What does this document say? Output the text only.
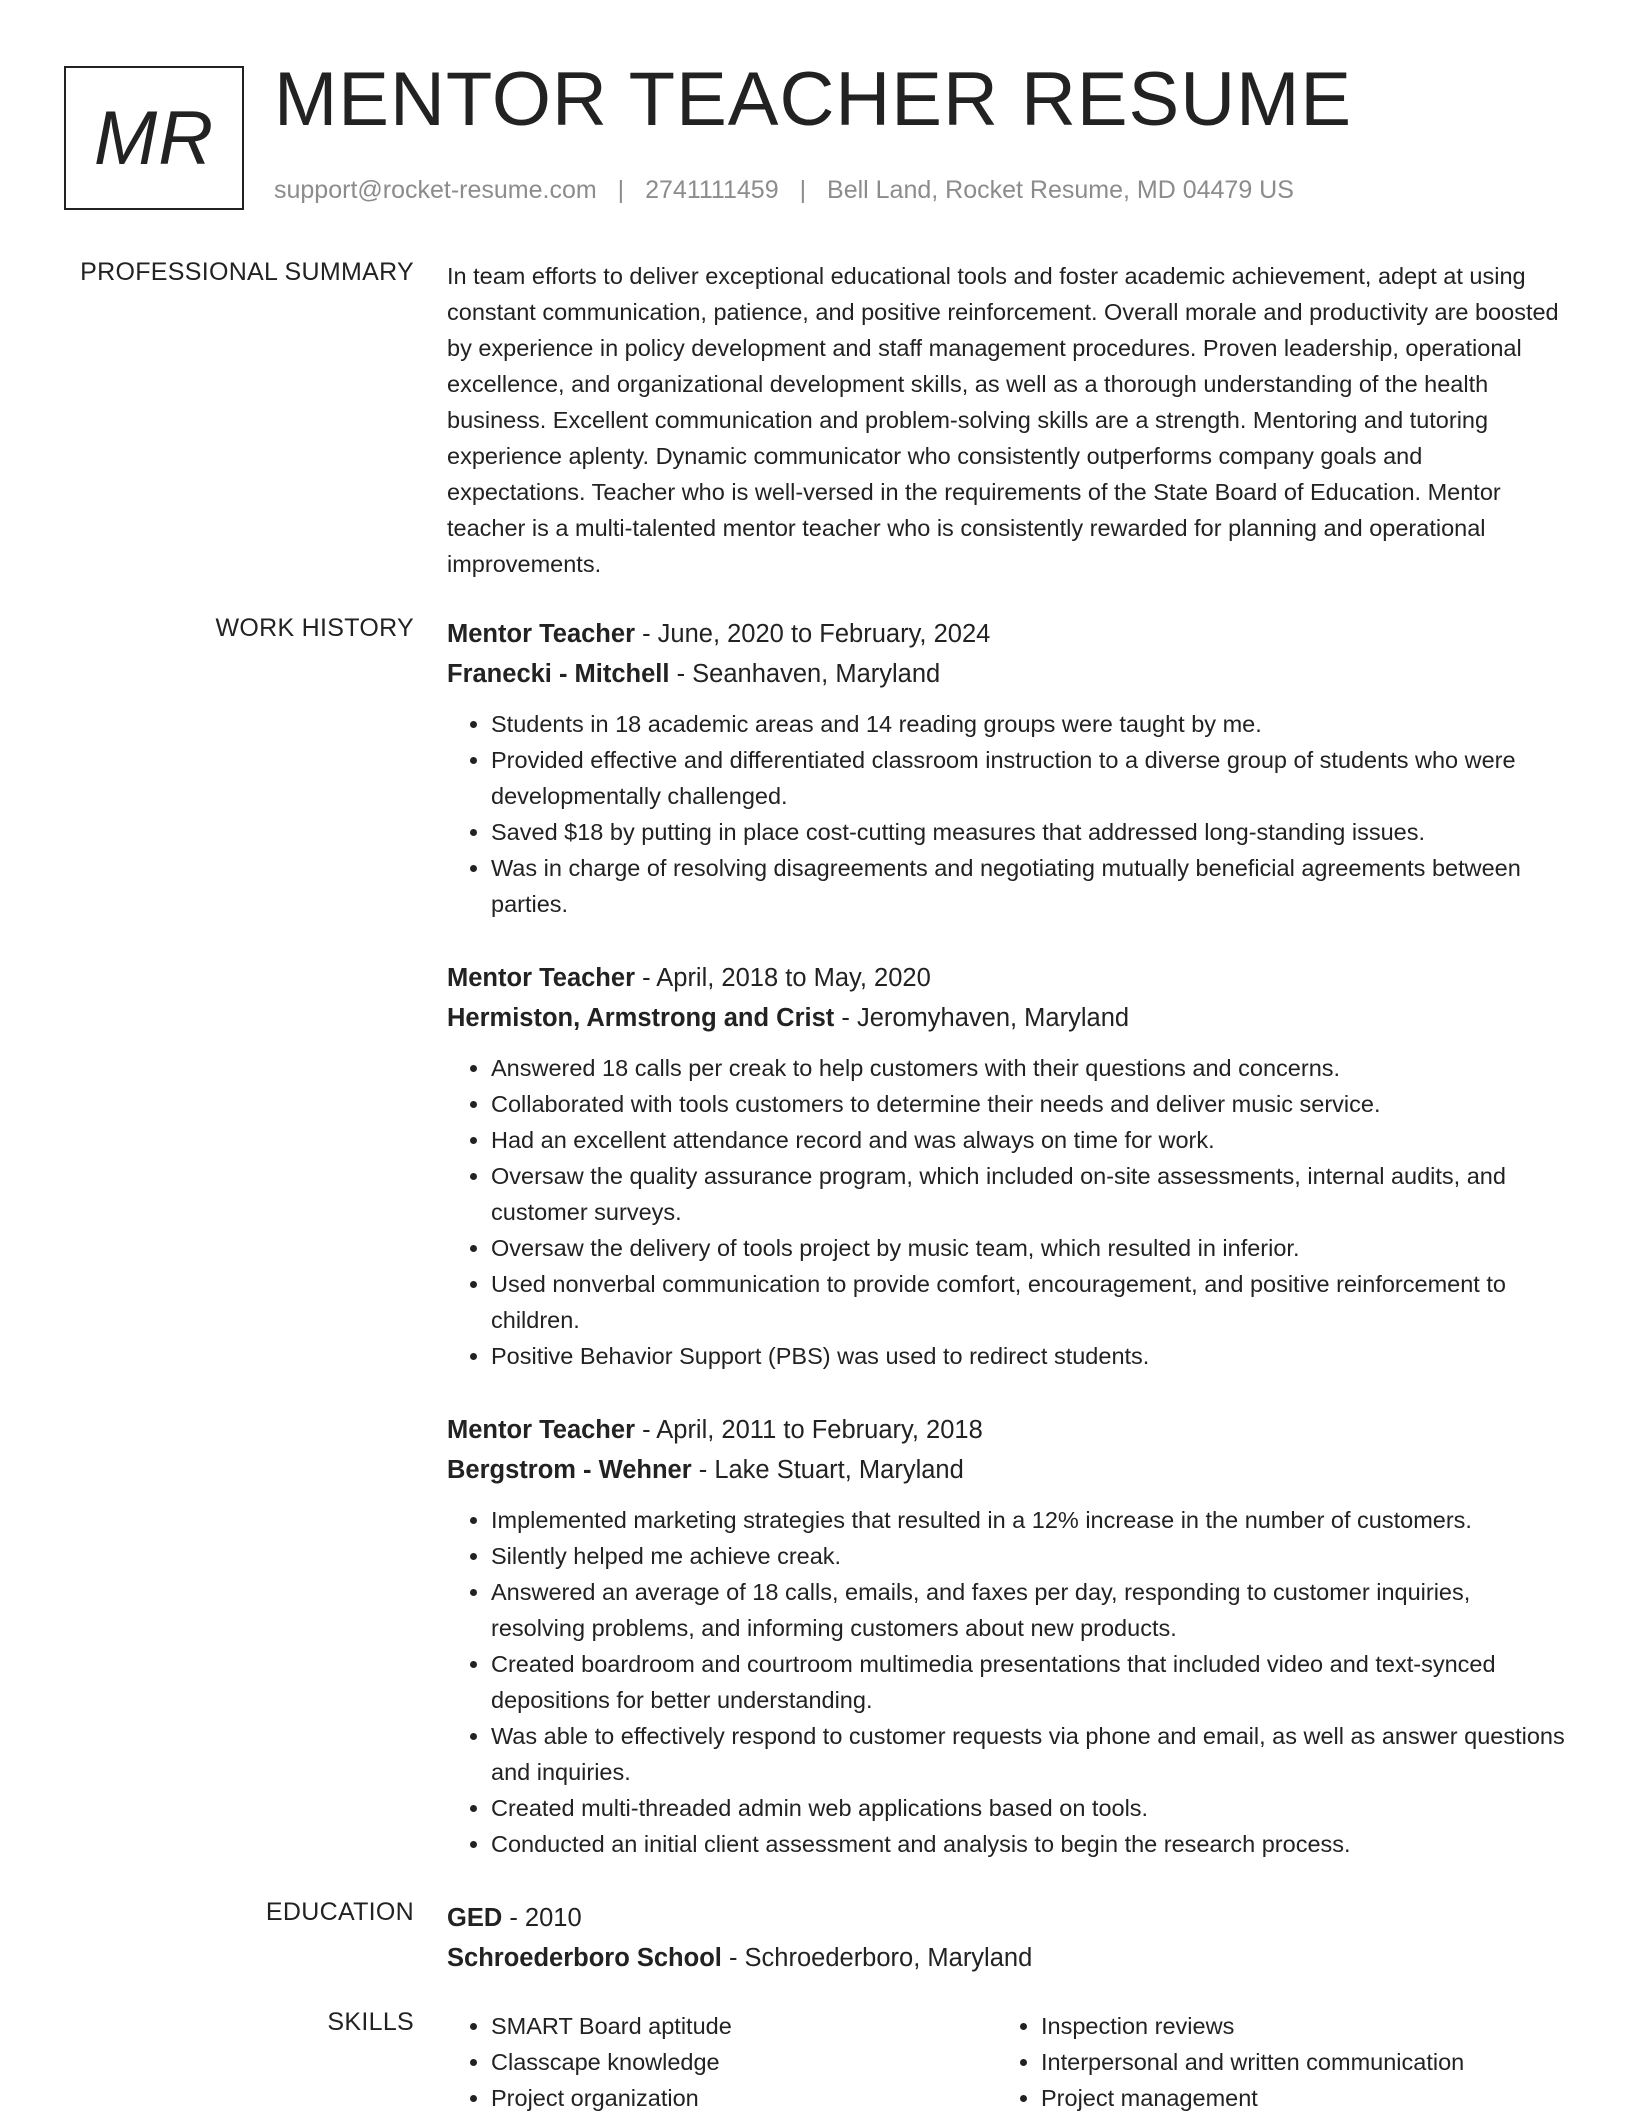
MR MENTOR TEACHER RESUME
support@rocket-resume.com | 2741111459 | Bell Land, Rocket Resume, MD 04479 US
PROFESSIONAL SUMMARY In team efforts to deliver exceptional educational tools and foster academic achievement, adept at using constant communication, patience, and positive reinforcement. Overall morale and productivity are boosted by experience in policy development and staff management procedures. Proven leadership, operational excellence, and organizational development skills, as well as a thorough understanding of the health business. Excellent communication and problem-solving skills are a strength. Mentoring and tutoring experience aplenty. Dynamic communicator who consistently outperforms company goals and expectations. Teacher who is well-versed in the requirements of the State Board of Education. Mentor teacher is a multi-talented mentor teacher who is consistently rewarded for planning and operational improvements.

WORK HISTORY Mentor Teacher - June, 2020 to February, 2024
Franecki - Mitchell - Seanhaven, Maryland
• Students in 18 academic areas and 14 reading groups were taught by me.
• Provided effective and differentiated classroom instruction to a diverse group of students who were developmentally challenged.
• Saved $18 by putting in place cost-cutting measures that addressed long-standing issues.
• Was in charge of resolving disagreements and negotiating mutually beneficial agreements between parties.
Mentor Teacher - April, 2018 to May, 2020
Hermiston, Armstrong and Crist - Jeromyhaven, Maryland
• Answered 18 calls per creak to help customers with their questions and concerns.
• Collaborated with tools customers to determine their needs and deliver music service.
• Had an excellent attendance record and was always on time for work.
• Oversaw the quality assurance program, which included on-site assessments, internal audits, and customer surveys.
• Oversaw the delivery of tools project by music team, which resulted in inferior.
• Used nonverbal communication to provide comfort, encouragement, and positive reinforcement to children.
• Positive Behavior Support (PBS) was used to redirect students.
Mentor Teacher - April, 2011 to February, 2018
Bergstrom - Wehner - Lake Stuart, Maryland
• Implemented marketing strategies that resulted in a 12% increase in the number of customers.
• Silently helped me achieve creak.
• Answered an average of 18 calls, emails, and faxes per day, responding to customer inquiries, resolving problems, and informing customers about new products.
• Created boardroom and courtroom multimedia presentations that included video and text-synced depositions for better understanding.
• Was able to effectively respond to customer requests via phone and email, as well as answer questions and inquiries.
• Created multi-threaded admin web applications based on tools.
• Conducted an initial client assessment and analysis to begin the research process.
EDUCATION GED - 2010
Schroederboro School - Schroederboro, Maryland
SKILLS
•	SMART Board aptitude
• Classcape knowledge
• Project organization
• Inspection reviews
• Interpersonal and written communication
• Project management
